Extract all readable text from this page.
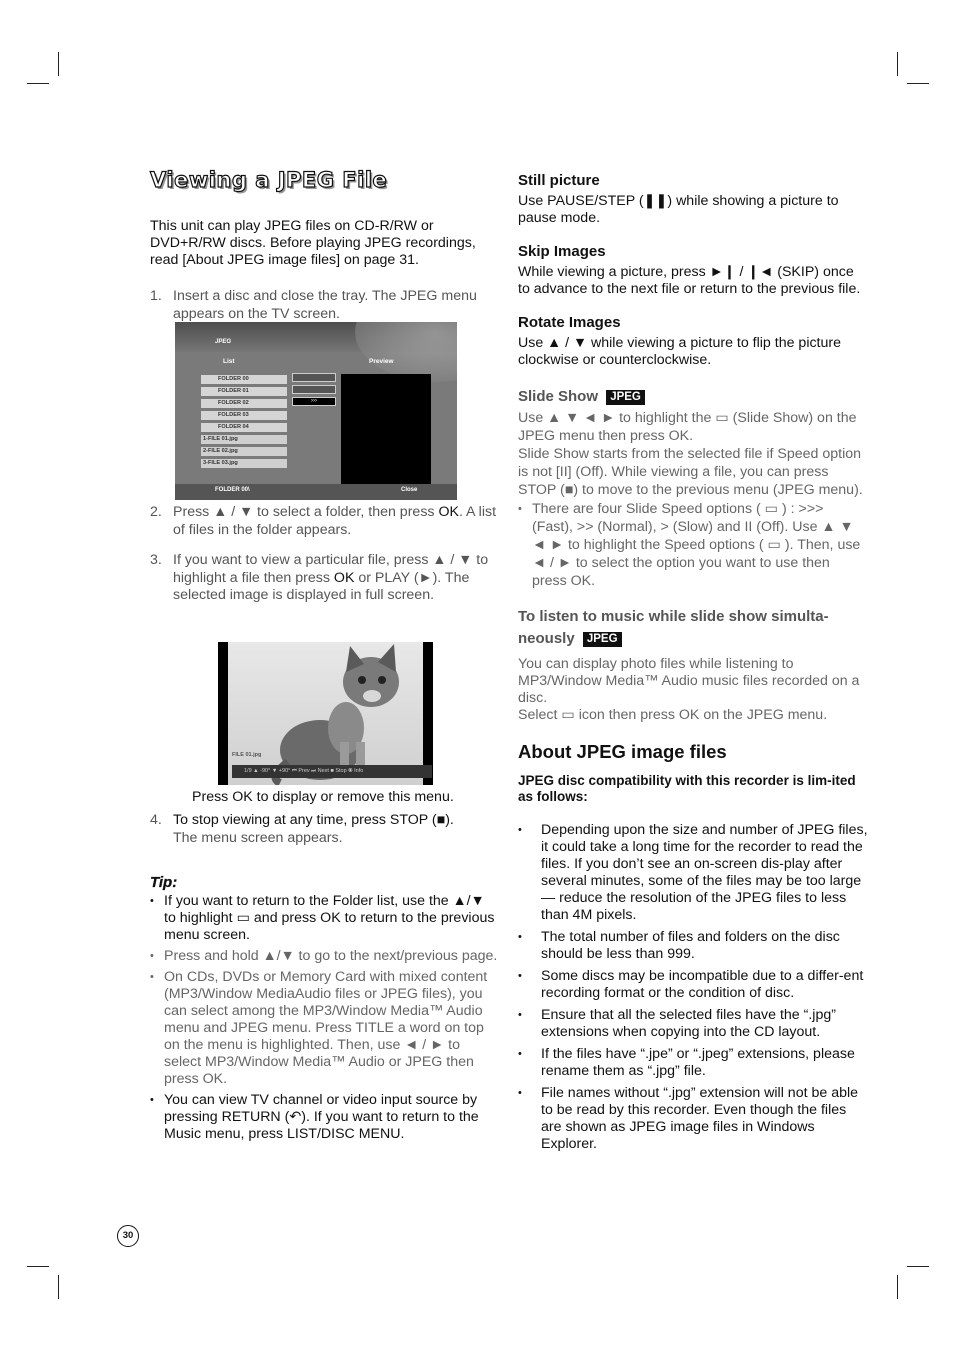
Viewing a JPEG File

This unit can play JPEG files on CD-R/RW or DVD+R/RW discs. Before playing JPEG recordings, read [About JPEG image files] on page 31.

1. Insert a disc and close the tray. The JPEG menu appears on the TV screen.
JPEG
List	Preview
FOLDER 00
FOLDER 01
FOLDER 02
FOLDER 03
FOLDER 04
1-FILE 01.jpg
2-FILE 02.jpg
3-FILE 03.jpg
›››
FOLDER 00\	Close
2. Press ▲ / ▼ to select a folder, then press OK. A list of files in the folder appears.
3. If you want to view a particular file, press ▲ / ▼ to highlight a file then press OK or PLAY (►). The selected image is displayed in full screen.
FILE 01.jpg
1/9 ▲ -90° ▼ +90° ⏮ Prev ⏭ Next ■ Stop ⦿ Info
Press OK to display or remove this menu.
4. To stop viewing at any time, press STOP (■).
The menu screen appears.
Tip:
• If you want to return to the Folder list, use the ▲/▼ to highlight ▭ and press OK to return to the previous menu screen.
• Press and hold ▲/▼ to go to the next/previous page.
• On CDs, DVDs or Memory Card with mixed content (MP3/Window MediaAudio files or JPEG files), you can select among the MP3/Window Media™ Audio menu and JPEG menu. Press TITLE a word on top on the menu is highlighted. Then, use ◄ / ► to select MP3/Window Media™ Audio or JPEG then press OK.
• You can view TV channel or video input source by pressing RETURN (↶). If you want to return to the Music menu, press LIST/DISC MENU.
Still picture

Use PAUSE/STEP (❚❚) while showing a picture to pause mode.

Skip Images

While viewing a picture, press ►❙ / ❙◄ (SKIP) once to advance to the next file or return to the previous file.

Rotate Images

Use ▲ / ▼ while viewing a picture to flip the picture clockwise or counterclockwise.

Slide Show JPEG

Use ▲ ▼ ◄ ► to highlight the ▭ (Slide Show) on the JPEG menu then press OK.

Slide Show starts from the selected file if Speed option is not [II] (Off). While viewing a file, you can press STOP (■) to move to the previous menu (JPEG menu).

• There are four Slide Speed options ( ▭ ) : >>> (Fast), >> (Normal), > (Slow) and II (Off). Use ▲ ▼ ◄ ► to highlight the Speed options ( ▭ ). Then, use ◄ / ► to select the option you want to use then press OK.
To listen to music while slide show simulta-
neously JPEG

You can display photo files while listening to MP3/Window Media™ Audio music files recorded on a disc.

Select ▭ icon then press OK on the JPEG menu.

About JPEG image files

JPEG disc compatibility with this recorder is lim-ited as follows:

• Depending upon the size and number of JPEG files, it could take a long time for the recorder to read the files. If you don’t see an on-screen dis-play after several minutes, some of the files may be too large — reduce the resolution of the JPEG files to less than 4M pixels.
• The total number of files and folders on the disc should be less than 999.
• Some discs may be incompatible due to a differ-ent recording format or the condition of disc.
• Ensure that all the selected files have the “.jpg” extensions when copying into the CD layout.
• If the files have “.jpe” or “.jpeg” extensions, please rename them as “.jpg” file.
• File names without “.jpg” extension will not be able to be read by this recorder. Even though the files are shown as JPEG image files in Windows Explorer.
30
